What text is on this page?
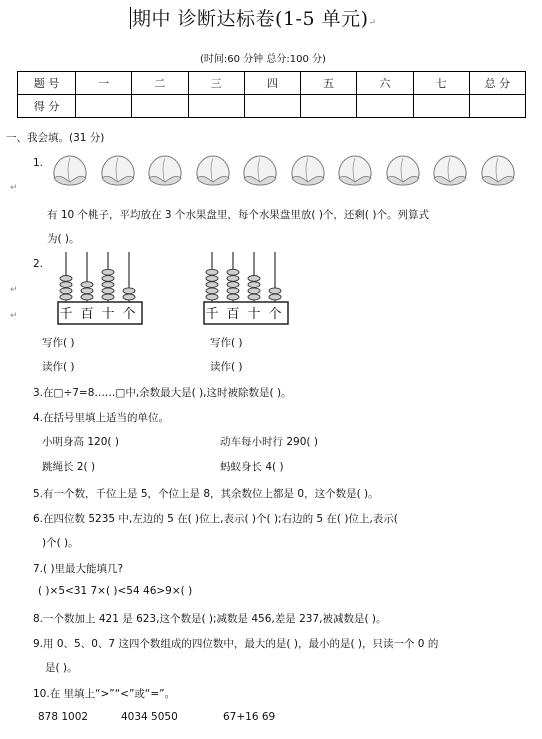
期中 诊断达标卷(1-5 单元)↵
(时间:60 分钟 总分:100 分)
题 号	一	二	三	四	五	六	七	总 分
得 分								
一、我会填。(31 分)
1.
有 10 个桃子，平均放在 3 个水果盘里，每个水果盘里放( )个，还剩( )个。列算式
为( )。
2.
千 百 十 个	千 百 十 个
写作( )
读作( )
写作( )
读作( )
3.在□÷7=8……□中,余数最大是( ),这时被除数是( )。
4.在括号里填上适当的单位。
小明身高 120( )	动车每小时行 290( )
跳绳长 2( )	蚂蚁身长 4( )
5.有一个数，千位上是 5，个位上是 8，其余数位上都是 0，这个数是( )。
6.在四位数 5235 中,左边的 5 在( )位上,表示( )个( );右边的 5 在( )位上,表示(
)个( )。
7.( )里最大能填几?
( )×5<31 7×( )<54 46>9×( )
8.一个数加上 421 是 623,这个数是( );减数是 456,差是 237,被减数是( )。
9.用 0、5、0、7 这四个数组成的四位数中，最大的是( )，最小的是( )，只读一个 0 的
是( )。
10.在 里填上“>”“<”或“=”。
878 1002	4034 5050	67+16 69
↵
↵
↵
